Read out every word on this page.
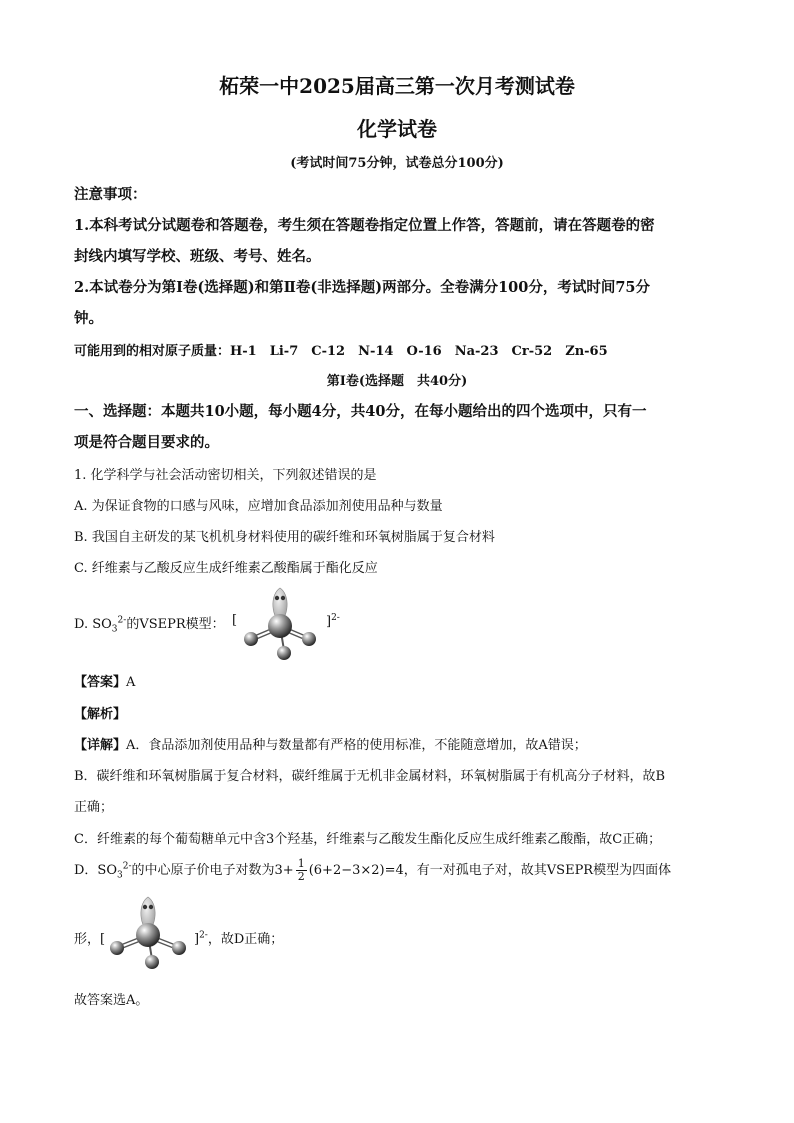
柘荣一中2025届高三第一次月考测试卷
化学试卷
(考试时间75分钟，试卷总分100分)
注意事项：
1.本科考试分试题卷和答题卷，考生须在答题卷指定位置上作答，答题前，请在答题卷的密
封线内填写学校、班级、考号、姓名。
2.本试卷分为第Ⅰ卷(选择题)和第Ⅱ卷(非选择题)两部分。全卷满分100分，考试时间75分
钟。
可能用到的相对原子质量：H-1　Li-7　C-12　N-14　O-16　Na-23　Cr-52　Zn-65
第Ⅰ卷(选择题　共40分)
一、选择题：本题共10小题，每小题4分，共40分，在每小题给出的四个选项中，只有一
项是符合题目要求的。
1. 化学科学与社会活动密切相关，下列叙述错误的是
A. 为保证食物的口感与风味，应增加食品添加剂使用品种与数量
B. 我国自主研发的某飞机机身材料使用的碳纤维和环氧树脂属于复合材料
C. 纤维素与乙酸反应生成纤维素乙酸酯属于酯化反应
D. $SO_3^{2-}$的VSEPR模型： [	]$^{2-}$
【答案】A
【解析】
【详解】A．食品添加剂使用品种与数量都有严格的使用标准，不能随意增加，故A错误；
B．碳纤维和环氧树脂属于复合材料，碳纤维属于无机非金属材料，环氧树脂属于有机高分子材料，故B
正确；
C．纤维素的每个葡萄糖单元中含3个羟基，纤维素与乙酸发生酯化反应生成纤维素乙酸酯，故C正确；
D．$SO_3^{2-}$的中心原子价电子对数为$3+ \frac{1}{2} (6+2-3\times 2)=4$，有一对孤电子对，故其VSEPR模型为四面体
形，[	]$^{2-}$，故D正确；
故答案选A。
